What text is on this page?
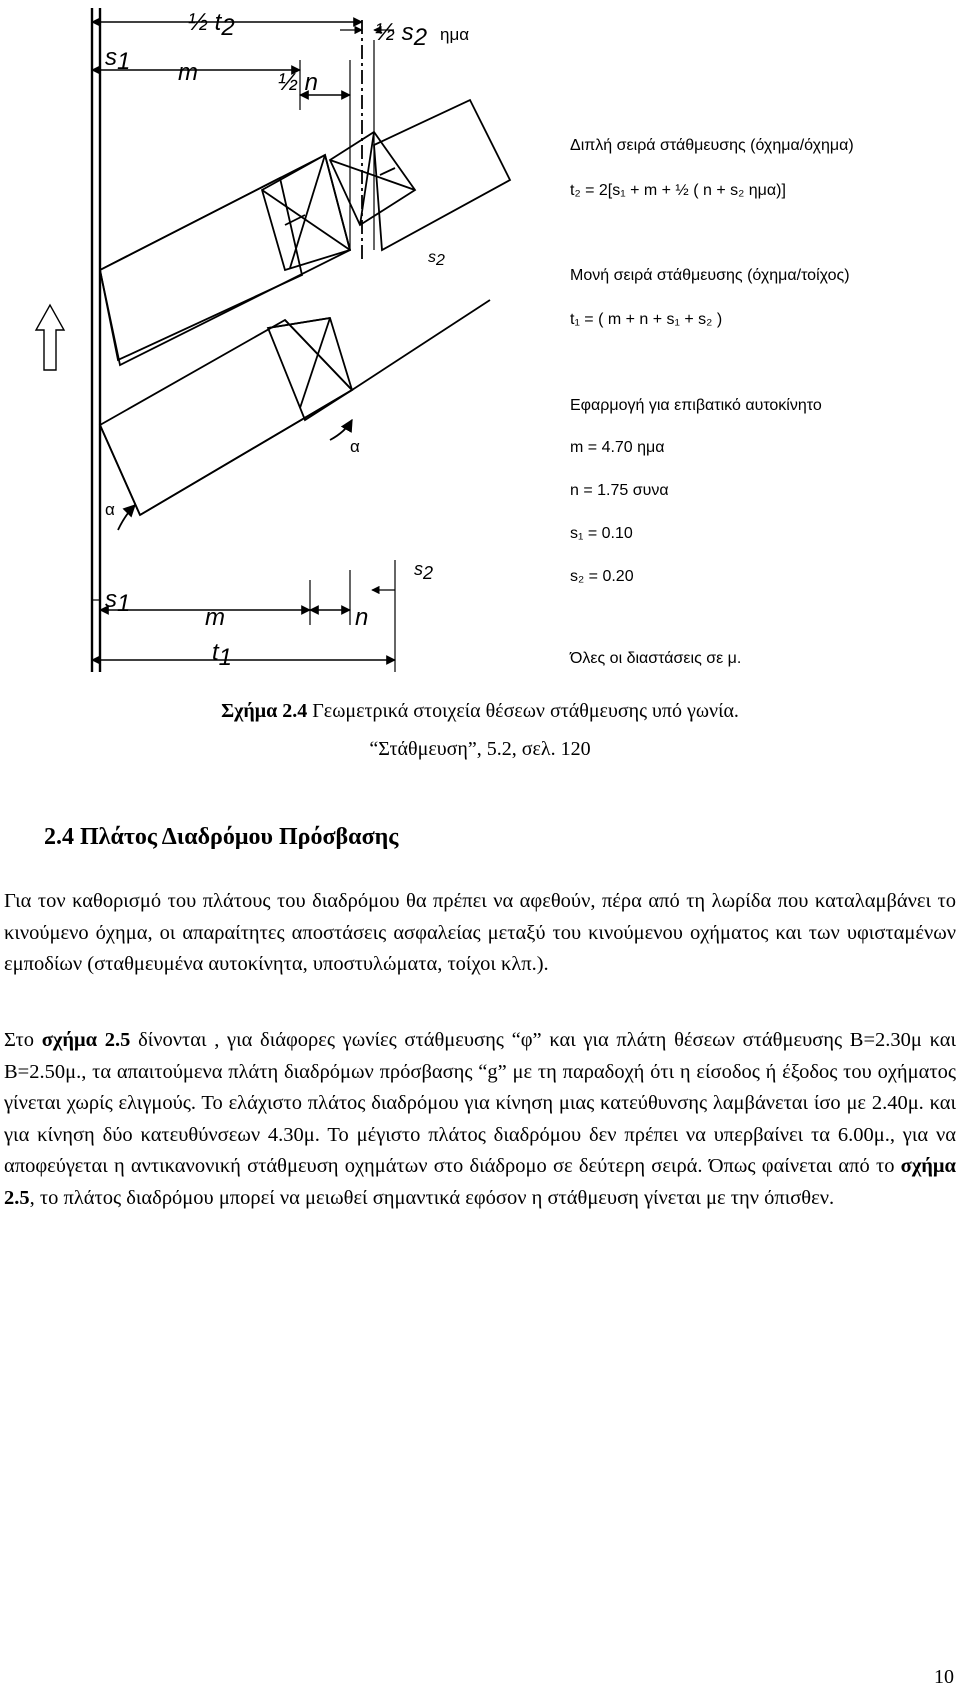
½ t2	½ s2 ημα
s1 m	½ n
s2
α
α
s2
s1
m	n
t1
Διπλή σειρά στάθμευσης (όχημα/όχημα)
t₂ = 2[s₁ + m + ½ ( n + s₂ ημα)]
Μονή σειρά στάθμευσης (όχημα/τοίχος)
t₁ = ( m + n + s₁ + s₂ )
Εφαρμογή για επιβατικό αυτοκίνητο
m = 4.70 ημα
n = 1.75 συνα
s₁ = 0.10
s₂ = 0.20
Όλες οι διαστάσεις σε μ.
Σχήμα 2.4 Γεωμετρικά στοιχεία θέσεων στάθμευσης υπό γωνία.
“Στάθμευση”, 5.2, σελ. 120
2.4 Πλάτος Διαδρόμου Πρόσβασης

Για τον καθορισμό του πλάτους του διαδρόμου θα πρέπει να αφεθούν, πέρα από τη λωρίδα που καταλαμβάνει το κινούμενο όχημα, οι απαραίτητες αποστάσεις ασφαλείας μεταξύ του κινούμενου οχήματος και των υφισταμένων εμποδίων (σταθμευμένα αυτοκίνητα, υποστυλώματα, τοίχοι κλπ.).

Στο σχήμα 2.5 δίνονται , για διάφορες γωνίες στάθμευσης “φ” και για πλάτη θέσεων στάθμευσης Β=2.30μ και Β=2.50μ., τα απαιτούμενα πλάτη διαδρόμων πρόσβασης “g” με τη παραδοχή ότι η είσοδος ή έξοδος του οχήματος γίνεται χωρίς ελιγμούς. Το ελάχιστο πλάτος διαδρόμου για κίνηση μιας κατεύθυνσης λαμβάνεται ίσο με 2.40μ. και για κίνηση δύο κατευθύνσεων 4.30μ. Το μέγιστο πλάτος διαδρόμου δεν πρέπει να υπερβαίνει τα 6.00μ., για να αποφεύγεται η αντικανονική στάθμευση οχημάτων στο διάδρομο σε δεύτερη σειρά. Όπως φαίνεται από το σχήμα 2.5, το πλάτος διαδρόμου μπορεί να μειωθεί σημαντικά εφόσον η στάθμευση γίνεται με την όπισθεν.

10
